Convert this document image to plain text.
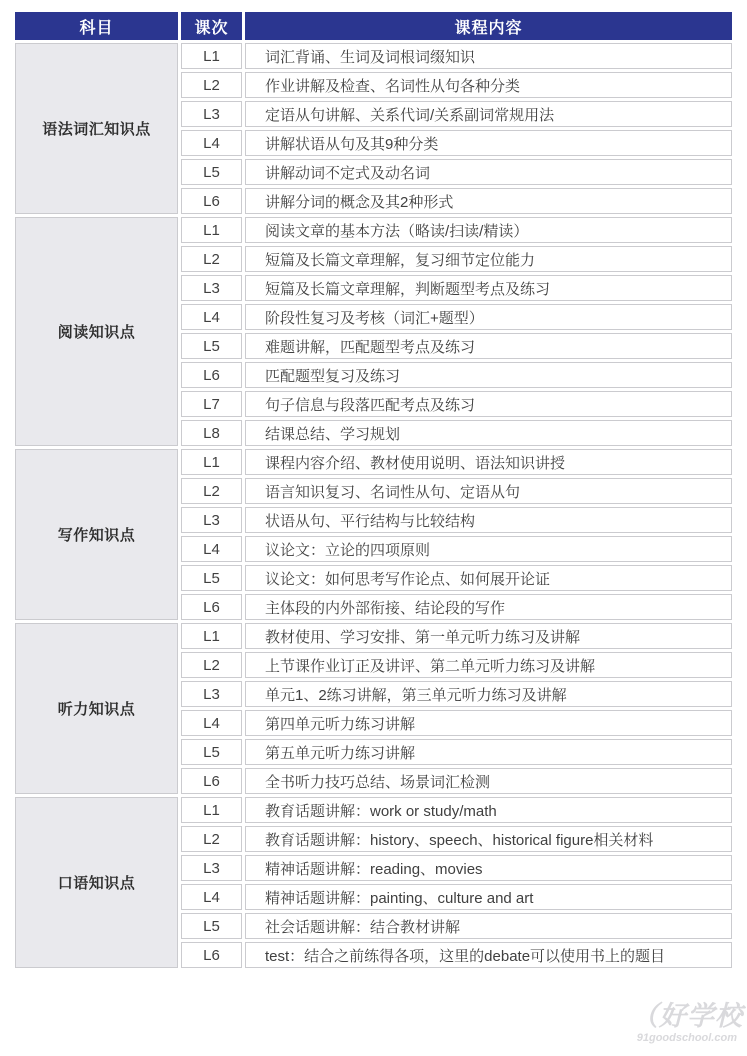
科目	课次	课程内容
语法词汇知识点	L1	词汇背诵、生词及词根词缀知识
	L2	作业讲解及检查、名词性从句各种分类
	L3	定语从句讲解、关系代词/关系副词常规用法
	L4	讲解状语从句及其9种分类
	L5	讲解动词不定式及动名词
	L6	讲解分词的概念及其2种形式
阅读知识点	L1	阅读文章的基本方法（略读/扫读/精读）
	L2	短篇及长篇文章理解，复习细节定位能力
	L3	短篇及长篇文章理解，判断题型考点及练习
	L4	阶段性复习及考核（词汇+题型）
	L5	难题讲解，匹配题型考点及练习
	L6	匹配题型复习及练习
	L7	句子信息与段落匹配考点及练习
	L8	结课总结、学习规划
写作知识点	L1	课程内容介绍、教材使用说明、语法知识讲授
	L2	语言知识复习、名词性从句、定语从句
	L3	状语从句、平行结构与比较结构
	L4	议论文：立论的四项原则
	L5	议论文：如何思考写作论点、如何展开论证
	L6	主体段的内外部衔接、结论段的写作
听力知识点	L1	教材使用、学习安排、第一单元听力练习及讲解
	L2	上节课作业订正及讲评、第二单元听力练习及讲解
	L3	单元1、2练习讲解，第三单元听力练习及讲解
	L4	第四单元听力练习讲解
	L5	第五单元听力练习讲解
	L6	全书听力技巧总结、场景词汇检测
口语知识点	L1	教育话题讲解：work or study/math
	L2	教育话题讲解：history、speech、historical figure相关材料
	L3	精神话题讲解：reading、movies
	L4	精神话题讲解：painting、culture and art
	L5	社会话题讲解：结合教材讲解
	L6	test：结合之前练得各项，这里的debate可以使用书上的题目
（好学校
91goodschool.com
